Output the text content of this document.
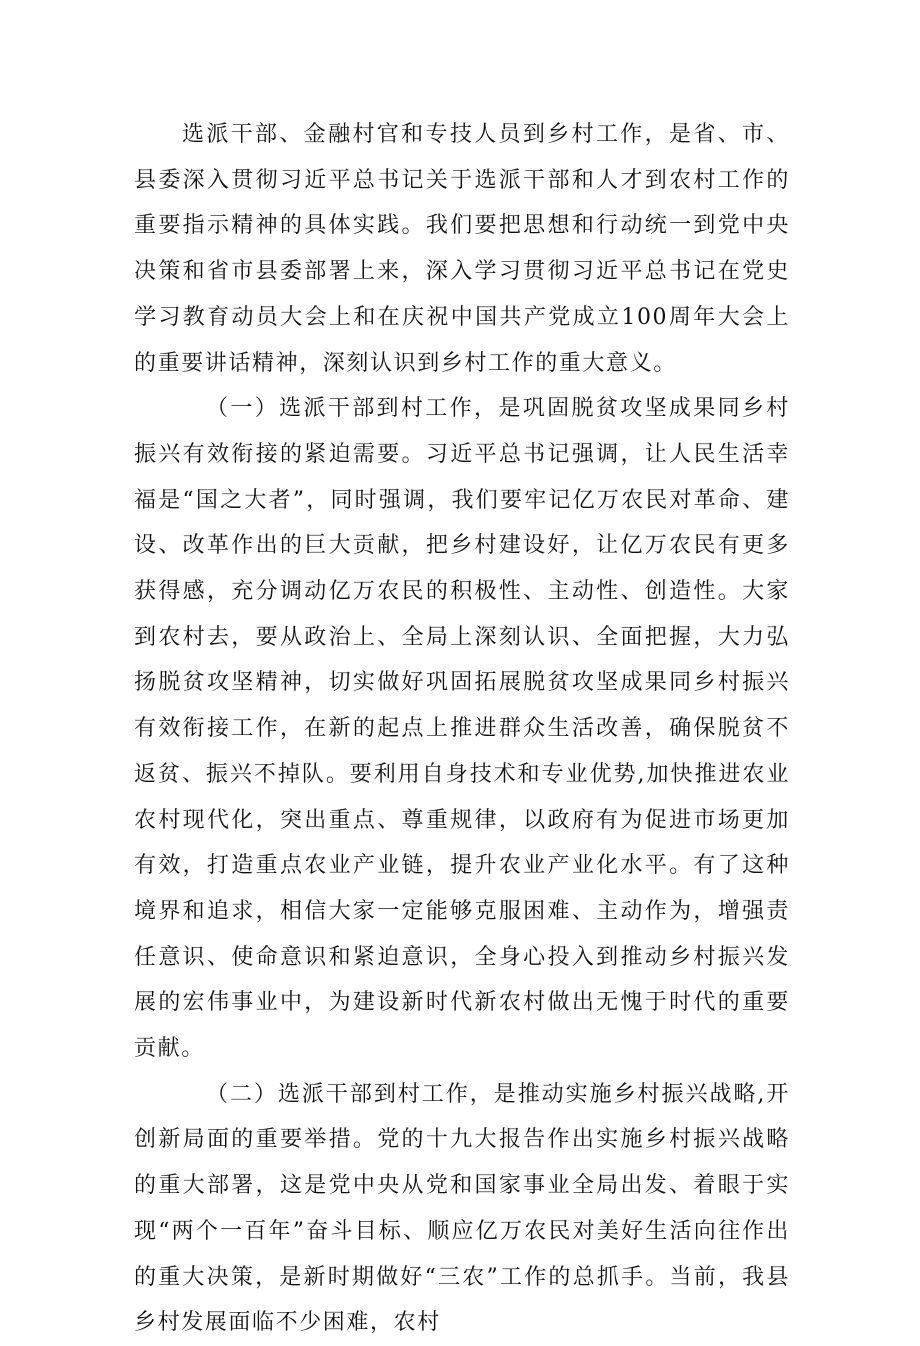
选派干部、金融村官和专技人员到乡村工作，是省、市、县委深入贯彻习近平总书记关于选派干部和人才到农村工作的重要指示精神的具体实践。我们要把思想和行动统一到党中央决策和省市县委部署上来，深入学习贯彻习近平总书记在党史学习教育动员大会上和在庆祝中国共产党成立100周年大会上的重要讲话精神，深刻认识到乡村工作的重大意义。

（一）选派干部到村工作，是巩固脱贫攻坚成果同乡村振兴有效衔接的紧迫需要。习近平总书记强调，让人民生活幸福是“国之大者”，同时强调，我们要牢记亿万农民对革命、建设、改革作出的巨大贡献，把乡村建设好，让亿万农民有更多获得感，充分调动亿万农民的积极性、主动性、创造性。大家到农村去，要从政治上、全局上深刻认识、全面把握，大力弘扬脱贫攻坚精神，切实做好巩固拓展脱贫攻坚成果同乡村振兴有效衔接工作，在新的起点上推进群众生活改善，确保脱贫不返贫、振兴不掉队。要利用自身技术和专业优势,加快推进农业农村现代化，突出重点、尊重规律，以政府有为促进市场更加有效，打造重点农业产业链，提升农业产业化水平。有了这种境界和追求，相信大家一定能够克服困难、主动作为，增强责任意识、使命意识和紧迫意识，全身心投入到推动乡村振兴发展的宏伟事业中，为建设新时代新农村做出无愧于时代的重要贡献。

（二）选派干部到村工作，是推动实施乡村振兴战略,开创新局面的重要举措。党的十九大报告作出实施乡村振兴战略的重大部署，这是党中央从党和国家事业全局出发、着眼于实现“两个一百年”奋斗目标、顺应亿万农民对美好生活向往作出的重大决策，是新时期做好“三农”工作的总抓手。当前，我县乡村发展面临不少困难，农村
